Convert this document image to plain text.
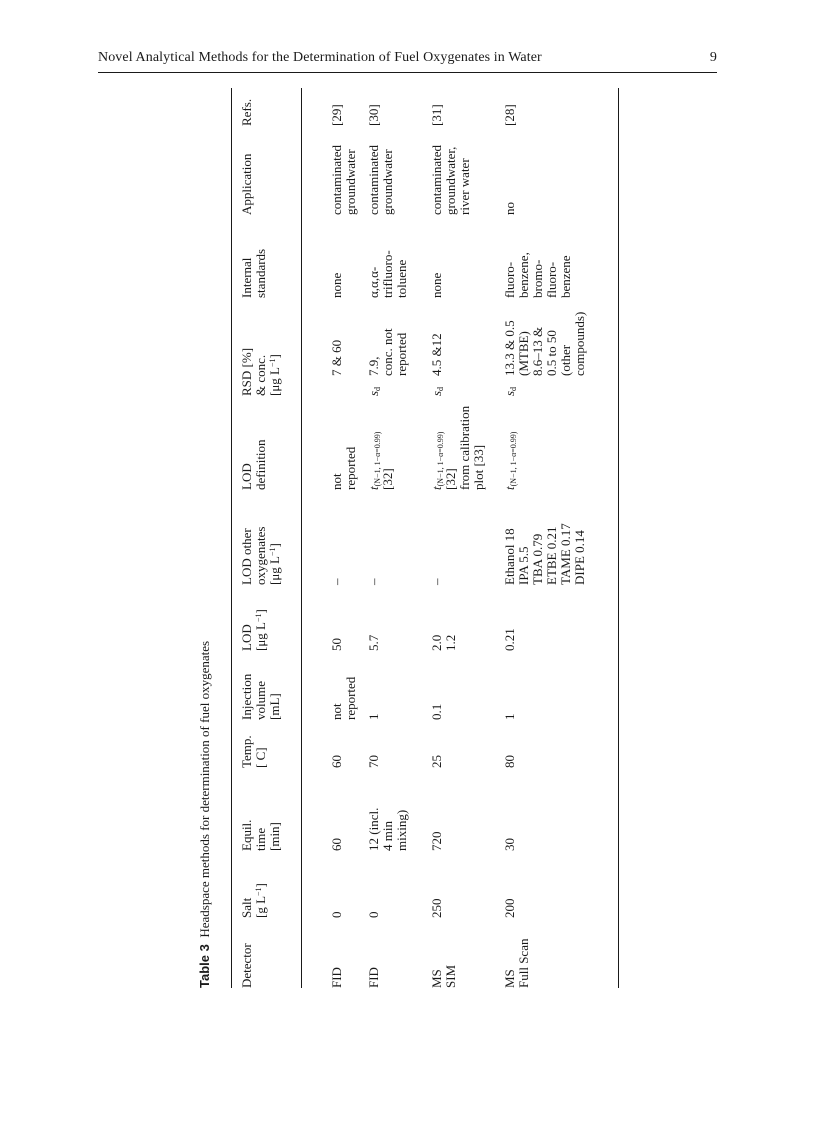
Novel Analytical Methods for the Determination of Fuel Oxygenates in Water	9
Table 3  Headspace methods for determination of fuel oxygenates
Detector
Salt
[g $L^{-1}$]
Equil.
time
[min]
Temp.
[ C]
Injection
volume
[mL]
LOD
[μg $L^{-1}$]
LOD other
oxygenates
[μg $L^{-1}$]
LOD
definition
RSD [%]
& conc.
[μg $L^{-1}$]
Internal
standards
Application
Refs.
FID
0
60
60
not
reported
50
–
not
reported
7 & 60
none
contaminated
groundwater
[29]
FID
0
12 (incl.
4 min
mixing)
70
1
5.7
–
$t_{(N-1, 1-\alpha=0.99)}$
[32]
$s_d$
7.9,
conc. not
reported
α,α,α-
trifluoro-
toluene
contaminated
groundwater
[30]
MS
SIM
250
720
25
0.1
2.0
1.2
–
$t_{(N-1, 1-\alpha=0.99)}$
[32]
from calibration
plot [33]
$s_d$
4.5 &12
none
contaminated
groundwater,
river water
[31]
MS
Full Scan
200
30
80
1
0.21
Ethanol 18
IPA 5.5
TBA 0.79
ETBE 0.21
TAME 0.17
DIPE 0.14
$t_{(N-1, 1-\alpha=0.99)}$
$s_d$
13.3 & 0.5
(MTBE)
8.6–13 &
0.5 to 50
(other
compounds)
fluoro-
benzene,
bromo-
fluoro-
benzene
no
[28]
